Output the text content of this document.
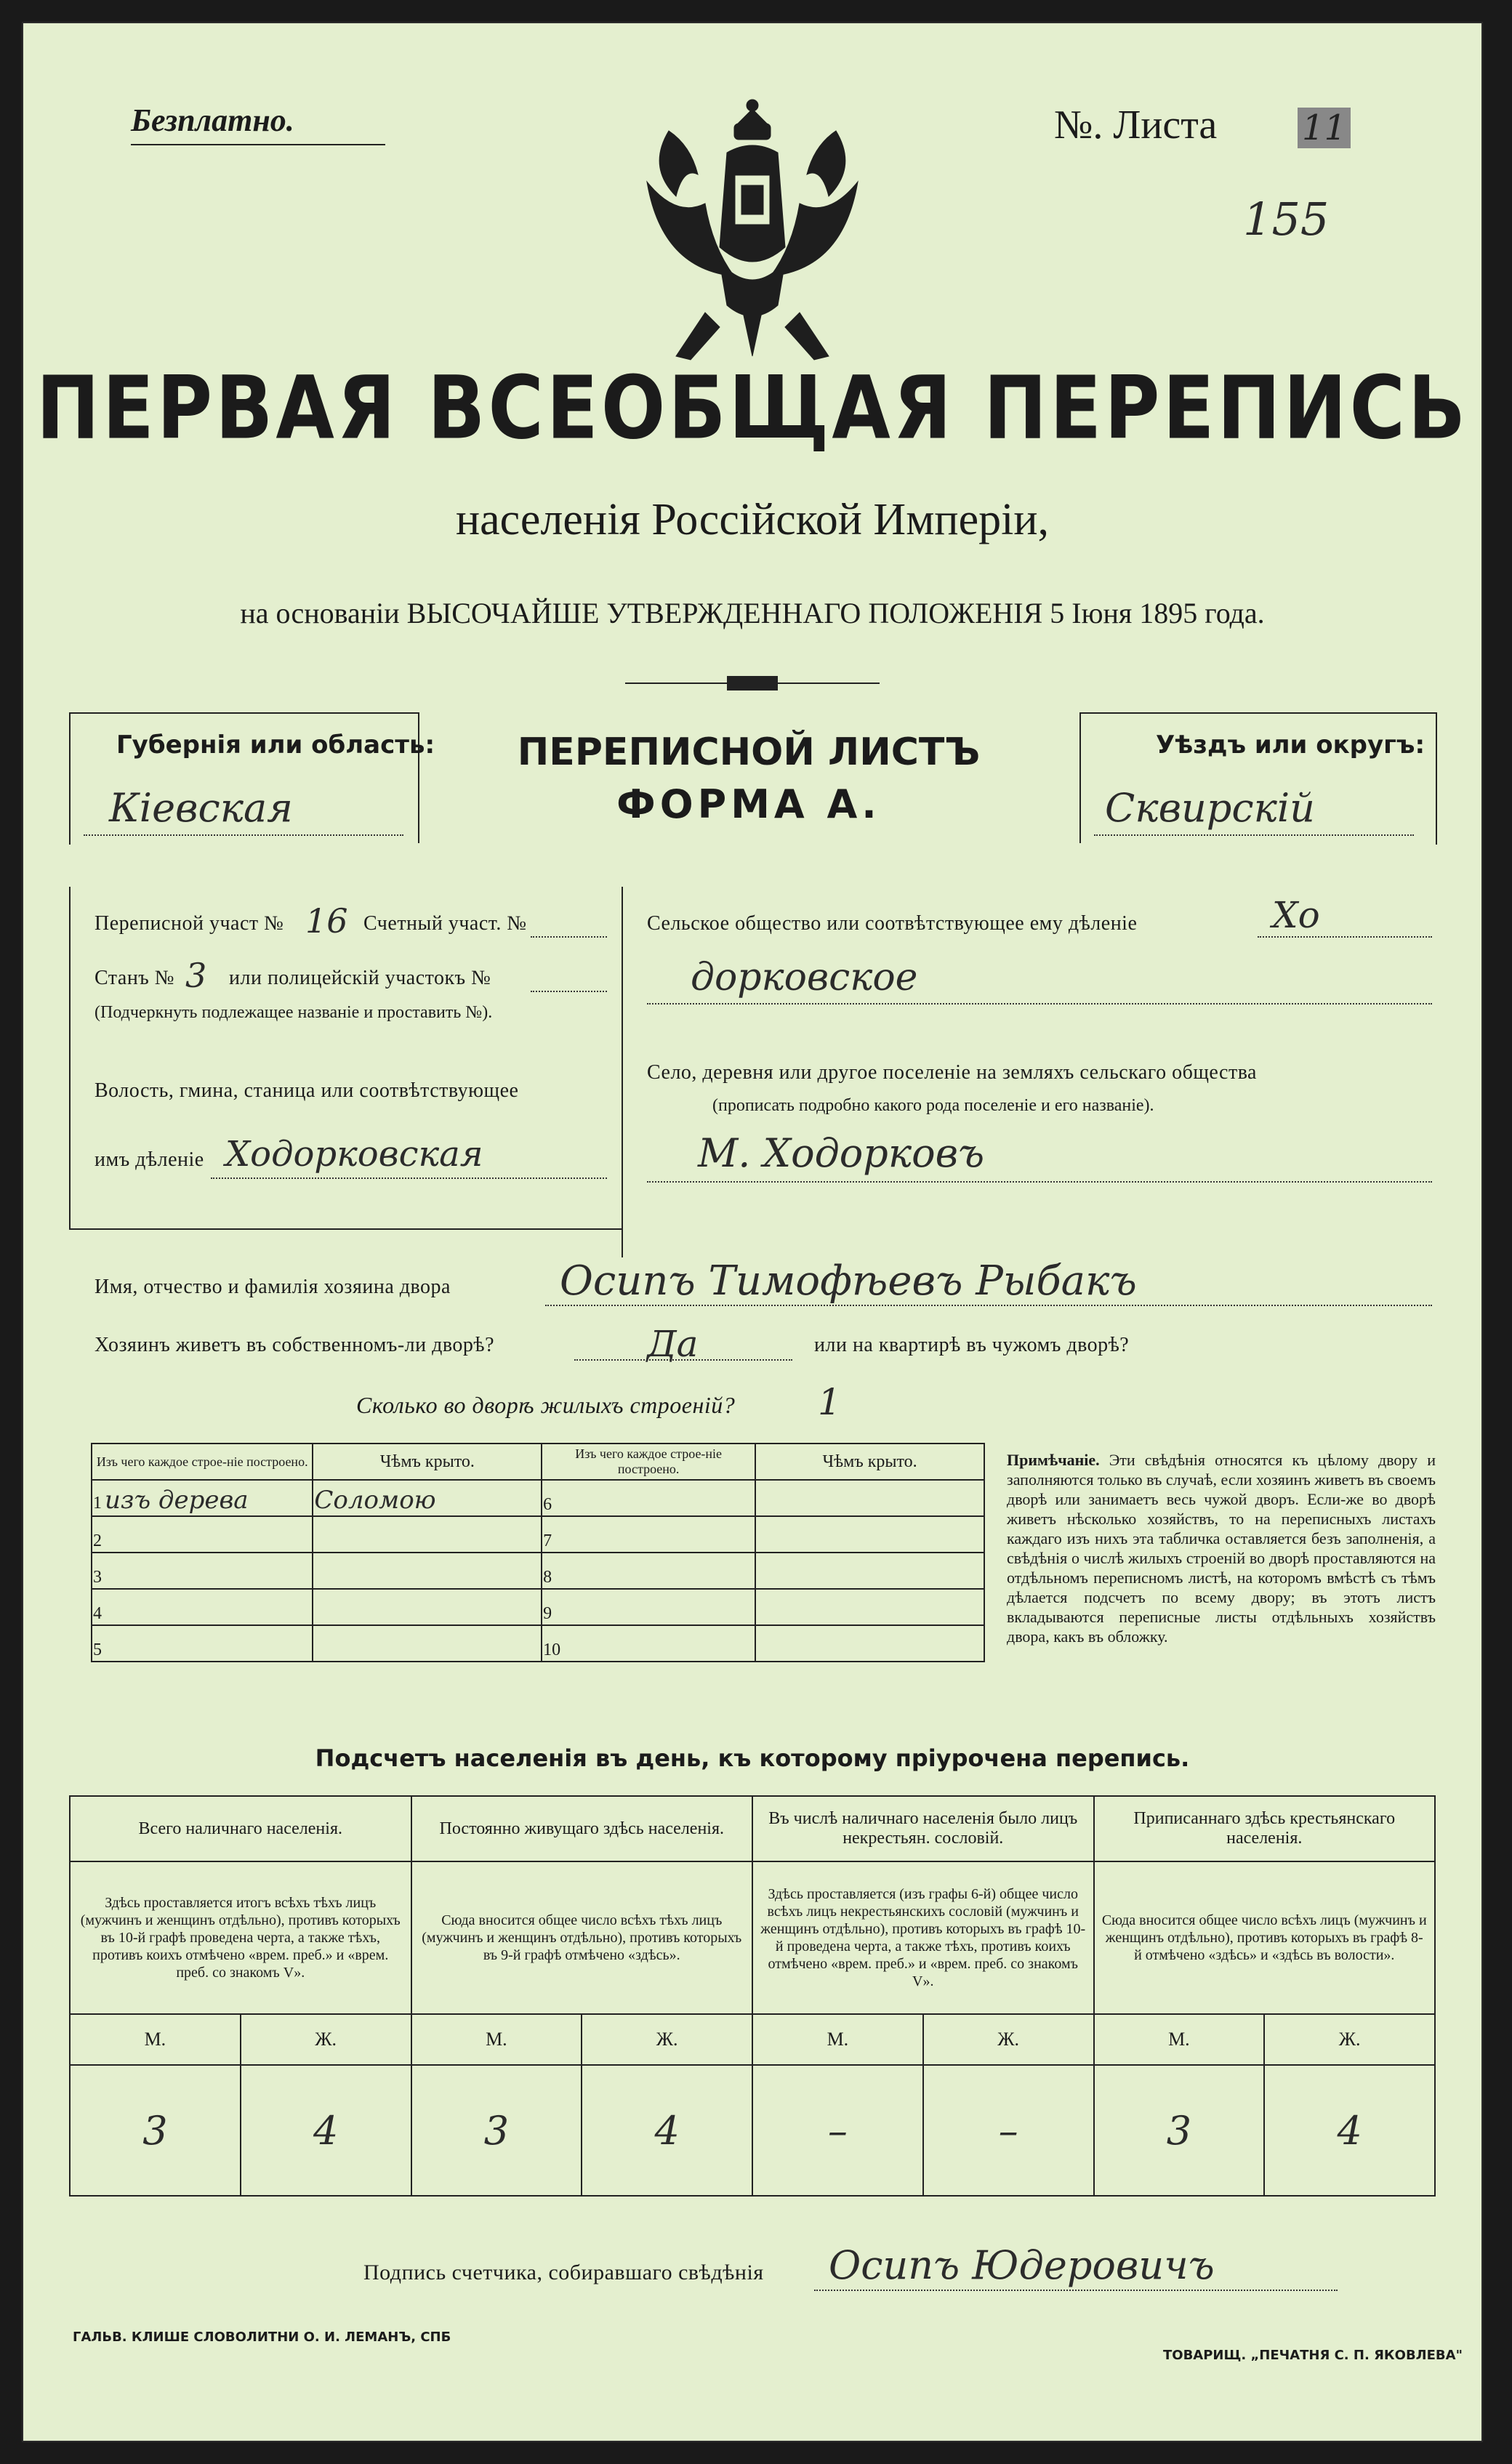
Безплатно.	№. Листа 11
155
ПЕРВАЯ ВСЕОБЩАЯ ПЕРЕПИСЬ
населенія Россійской Имперіи,
на основаніи ВЫСОЧАЙШЕ УТВЕРЖДЕННАГО ПОЛОЖЕНІЯ 5 Іюня 1895 года.
Губернія или область:
Кіевская
ПЕРЕПИСНОЙ ЛИСТЪ
ФОРМА А.
Уѣздъ или округъ:
Сквирскій
Переписной участ № 16 Счетный участ. №
Станъ № 3 или полицейскій участокъ №
(Подчеркнуть подлежащее названіе и проставить №).
Волость, гмина, станица или соотвѣтствующее
имъ дѣленіе Ходорковская
Сельское общество или соотвѣтствующее ему дѣленіе	Хо
дорковское
Село, деревня или другое поселеніе на земляхъ сельскаго общества
(прописать подробно какого рода поселеніе и его названіе).
М. Ходорковъ
Имя, отчество и фамилія хозяина двора	Осипъ Тимофѣевъ Рыбакъ
Хозяинъ живетъ въ собственномъ-ли дворѣ?	Да	или на квартирѣ въ чужомъ дворѣ?
Сколько во дворѣ жилыхъ строеній? 1
Изъ чего каждое строе-ніе построено.	Чѣмъ крыто.	Изъ чего каждое строе-ніе построено.	Чѣмъ крыто.
1 изъ дерева	Соломою	6	
2		7	
3		8	
4		9	
5		10	
Примѣчаніе. Эти свѣдѣнія относятся къ цѣлому двору и заполняются только въ случаѣ, если хозяинъ живетъ въ своемъ дворѣ или занимаетъ весь чужой дворъ. Если-же во дворѣ живетъ нѣсколько хозяйствъ, то на переписныхъ листахъ каждаго изъ нихъ эта табличка оставляется безъ заполненія, а свѣдѣнія о числѣ жилыхъ строеній во дворѣ проставляются на отдѣльномъ переписномъ листѣ, на которомъ вмѣстѣ съ тѣмъ дѣлается подсчетъ по всему двору; въ этотъ листъ вкладываются переписные листы отдѣльныхъ хозяйствъ двора, какъ въ обложку.
Подсчетъ населенія въ день, къ которому пріурочена перепись.
Всего наличнаго населенія.		Постоянно живущаго здѣсь населенія.		Въ числѣ наличнаго населенія было лицъ некрестьян. сословій.		Приписаннаго здѣсь крестьянскаго населенія.	
Здѣсь проставляется итогъ всѣхъ тѣхъ лицъ (мужчинъ и женщинъ отдѣльно), противъ которыхъ въ 10-й графѣ проведена черта, а также тѣхъ, противъ коихъ отмѣчено «врем. преб.» и «врем. преб. со знакомъ V».		Сюда вносится общее число всѣхъ тѣхъ лицъ (мужчинъ и женщинъ отдѣльно), противъ которыхъ въ 9-й графѣ отмѣчено «здѣсь».		Здѣсь проставляется (изъ графы 6-й) общее число всѣхъ лицъ некрестьянскихъ сословій (мужчинъ и женщинъ отдѣльно), противъ которыхъ въ графѣ 10-й проведена черта, а также тѣхъ, противъ коихъ отмѣчено «врем. преб.» и «врем. преб. со знакомъ V».		Сюда вносится общее число всѣхъ лицъ (мужчинъ и женщинъ отдѣльно), противъ которыхъ въ графѣ 8-й отмѣчено «здѣсь» и «здѣсь въ волости».	
М.	Ж.	М.	Ж.	М.	Ж.	М.	Ж.
3	4	3	4	–	–	3	4
Подпись счетчика, собиравшаго свѣдѣнія Осипъ Юдеровичъ
ГАЛЬВ. КЛИШЕ СЛОВОЛИТНИ О. И. ЛЕМАНЪ, СПБ
ТОВАРИЩ. „ПЕЧАТНЯ С. П. ЯКОВЛЕВА"
